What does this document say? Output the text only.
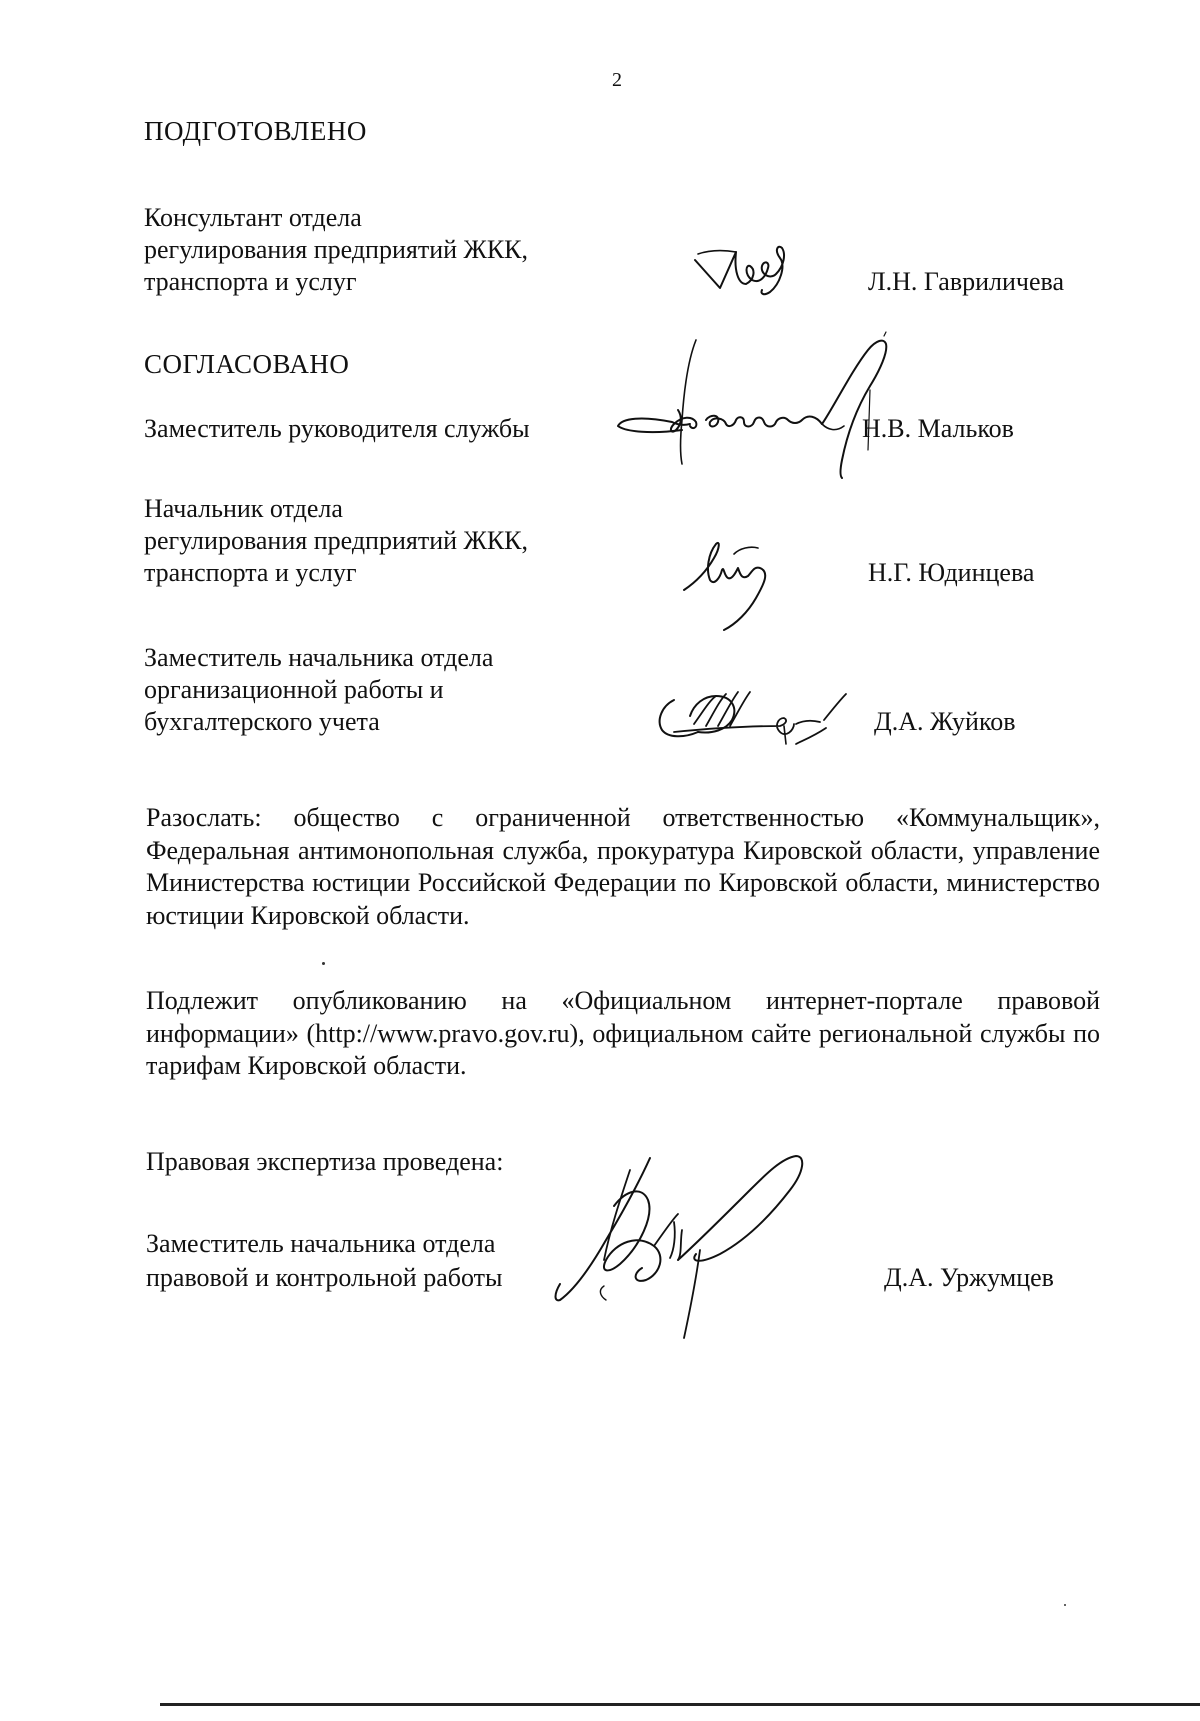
2
ПОДГОТОВЛЕНО
Консультант отдела
регулирования предприятий ЖКК,
транспорта и услуг	Л.Н. Гавриличева
СОГЛАСОВАНО
Заместитель руководителя службы	Н.В. Мальков
Начальник отдела
регулирования предприятий ЖКК,
транспорта и услуг	Н.Г. Юдинцева
Заместитель начальника отдела
организационной работы и
бухгалтерского учета	Д.А. Жуйков
Разослать: общество с ограниченной ответственностью «Коммунальщик», Федеральная антимонопольная служба, прокуратура Кировской области, управление Министерства юстиции Российской Федерации по Кировской области, министерство юстиции Кировской области.
Подлежит опубликованию на «Официальном интернет-портале правовой информации» (http://www.pravo.gov.ru), официальном сайте региональной службы по тарифам Кировской области.
Правовая экспертиза проведена:
Заместитель начальника отдела
правовой и контрольной работы	Д.А. Уржумцев
